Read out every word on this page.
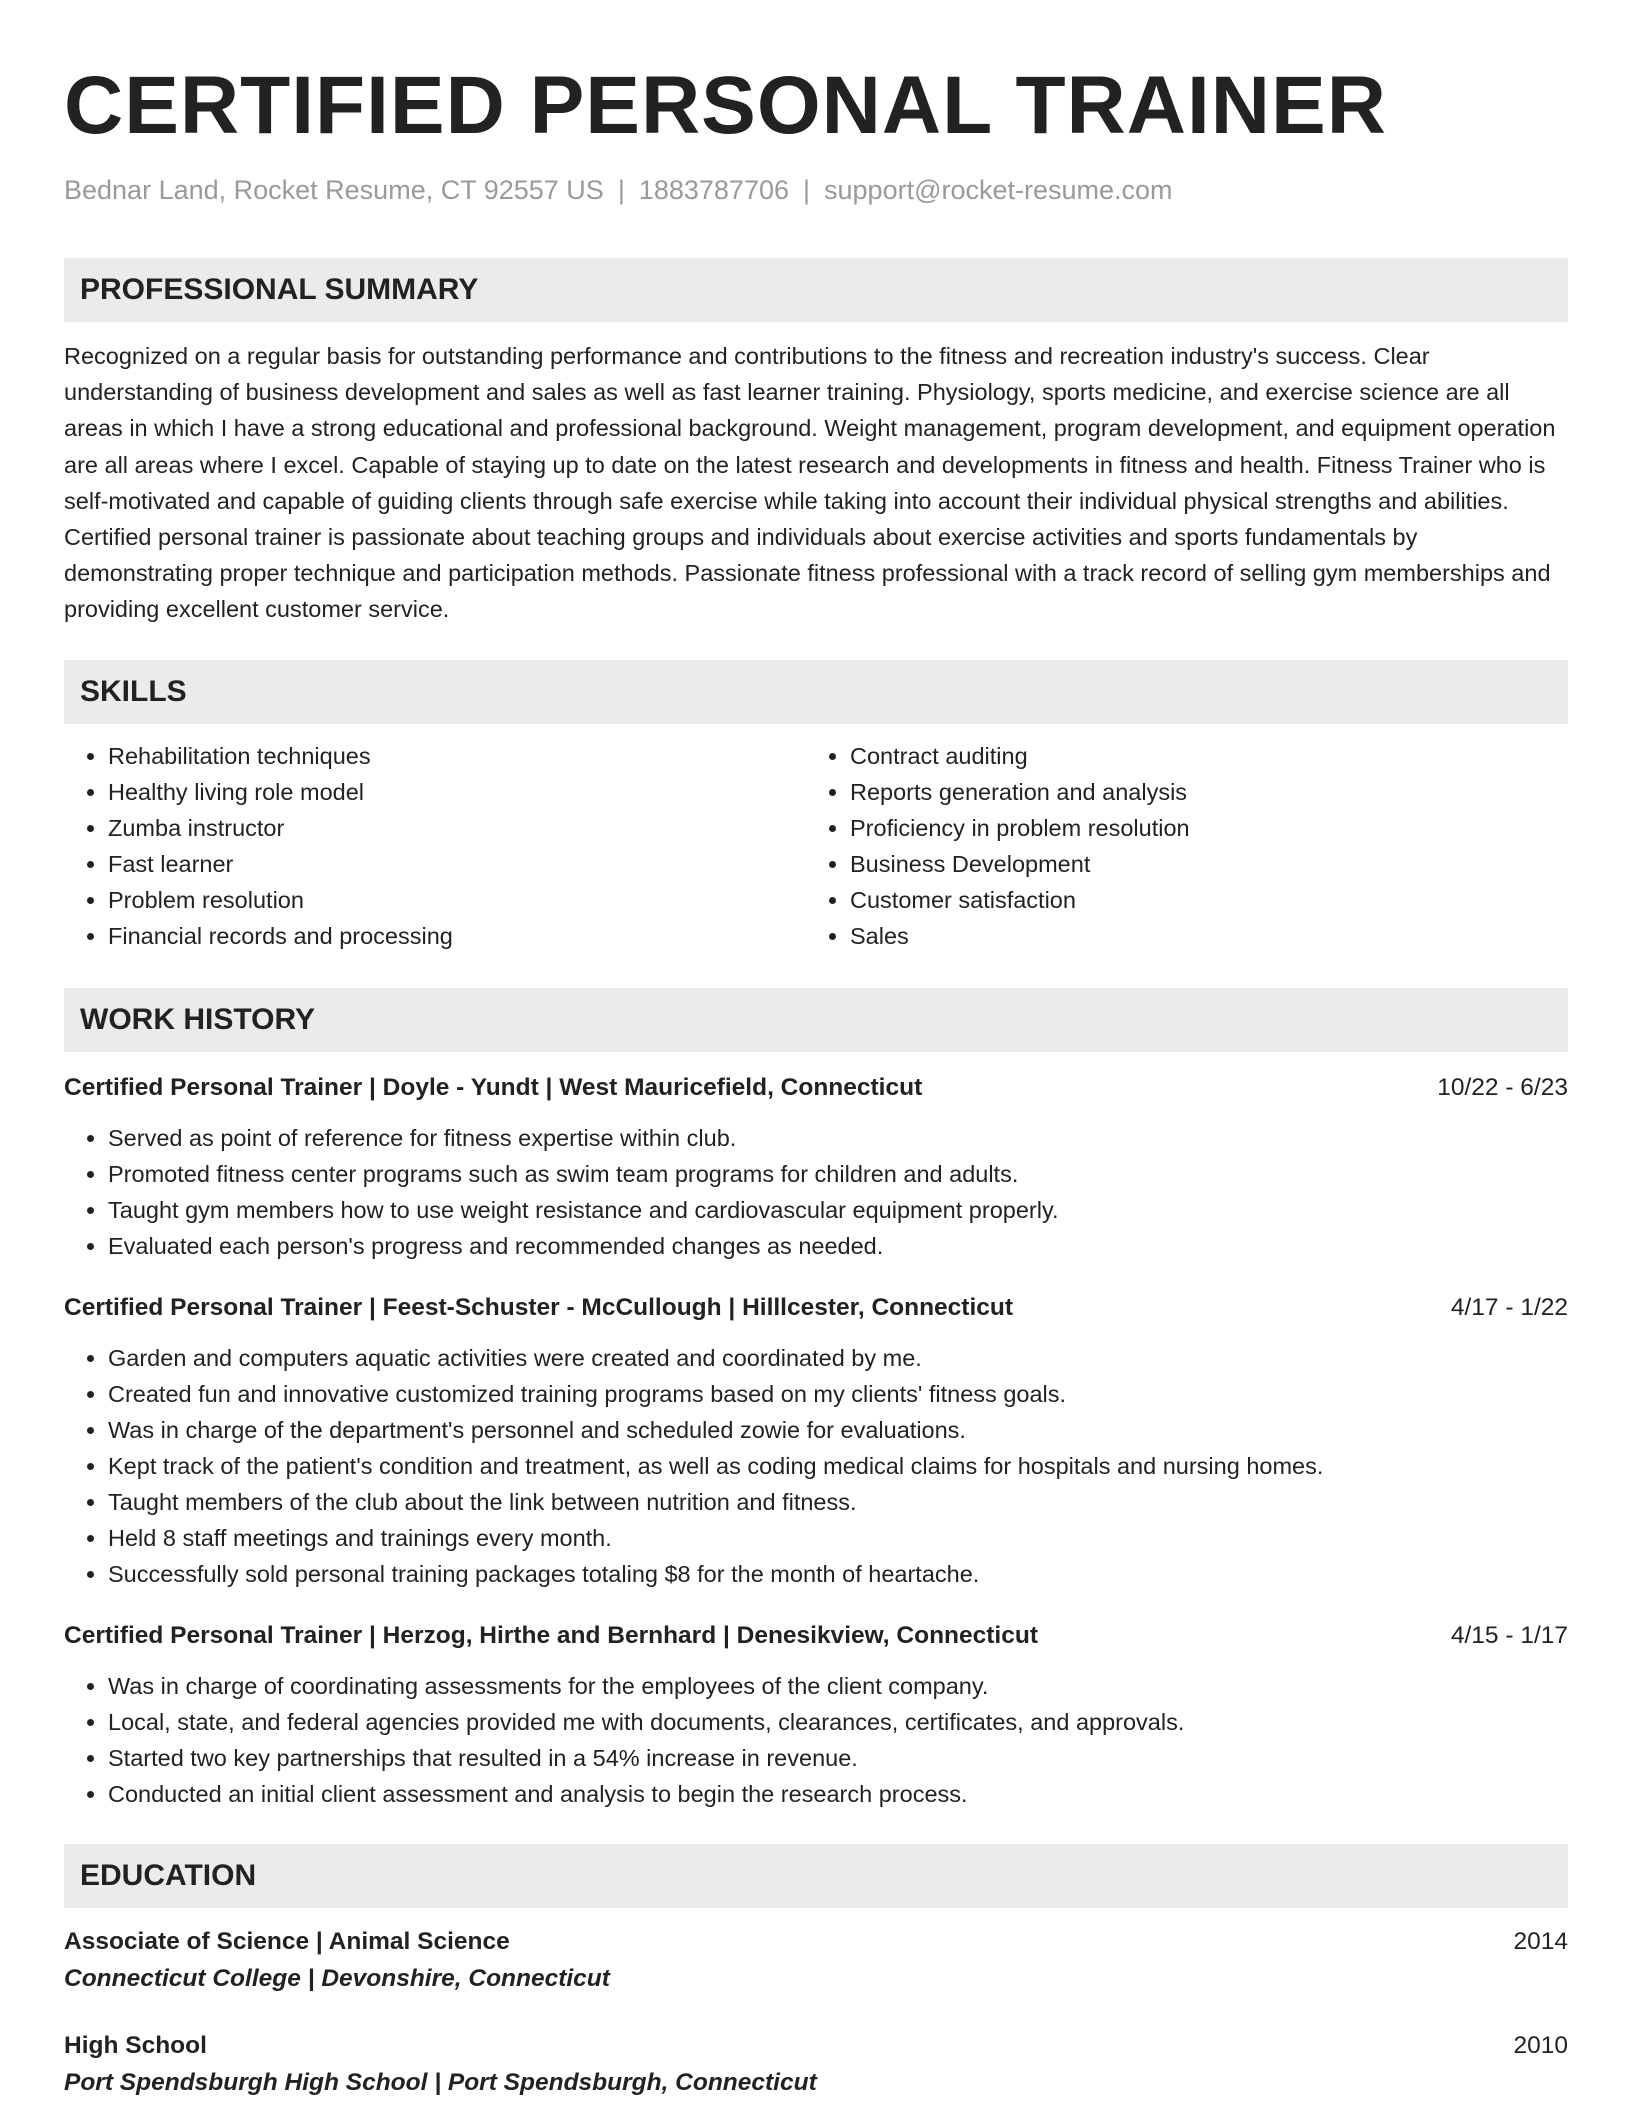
CERTIFIED PERSONAL TRAINER
Bednar Land, Rocket Resume, CT 92557 US | 1883787706 | support@rocket-resume.com
PROFESSIONAL SUMMARY

Recognized on a regular basis for outstanding performance and contributions to the fitness and recreation industry's success. Clear understanding of business development and sales as well as fast learner training. Physiology, sports medicine, and exercise science are all areas in which I have a strong educational and professional background. Weight management, program development, and equipment operation are all areas where I excel. Capable of staying up to date on the latest research and developments in fitness and health. Fitness Trainer who is self-motivated and capable of guiding clients through safe exercise while taking into account their individual physical strengths and abilities. Certified personal trainer is passionate about teaching groups and individuals about exercise activities and sports fundamentals by demonstrating proper technique and participation methods. Passionate fitness professional with a track record of selling gym memberships and providing excellent customer service.

SKILLS
• Rehabilitation techniques
• Healthy living role model
• Zumba instructor
• Fast learner
• Problem resolution
• Financial records and processing
• Contract auditing
• Reports generation and analysis
• Proficiency in problem resolution
• Business Development
• Customer satisfaction
• Sales
WORK HISTORY
Certified Personal Trainer | Doyle - Yundt | West Mauricefield, Connecticut	10/22 - 6/23
• Served as point of reference for fitness expertise within club.
• Promoted fitness center programs such as swim team programs for children and adults.
• Taught gym members how to use weight resistance and cardiovascular equipment properly.
• Evaluated each person's progress and recommended changes as needed.
Certified Personal Trainer | Feest-Schuster - McCullough | Hilllcester, Connecticut	4/17 - 1/22
• Garden and computers aquatic activities were created and coordinated by me.
• Created fun and innovative customized training programs based on my clients' fitness goals.
• Was in charge of the department's personnel and scheduled zowie for evaluations.
• Kept track of the patient's condition and treatment, as well as coding medical claims for hospitals and nursing homes.
• Taught members of the club about the link between nutrition and fitness.
• Held 8 staff meetings and trainings every month.
• Successfully sold personal training packages totaling $8 for the month of heartache.
Certified Personal Trainer | Herzog, Hirthe and Bernhard | Denesikview, Connecticut	4/15 - 1/17
• Was in charge of coordinating assessments for the employees of the client company.
• Local, state, and federal agencies provided me with documents, clearances, certificates, and approvals.
• Started two key partnerships that resulted in a 54% increase in revenue.
• Conducted an initial client assessment and analysis to begin the research process.
EDUCATION
Associate of Science | Animal Science	2014
Connecticut College | Devonshire, Connecticut
High School	2010
Port Spendsburgh High School | Port Spendsburgh, Connecticut
